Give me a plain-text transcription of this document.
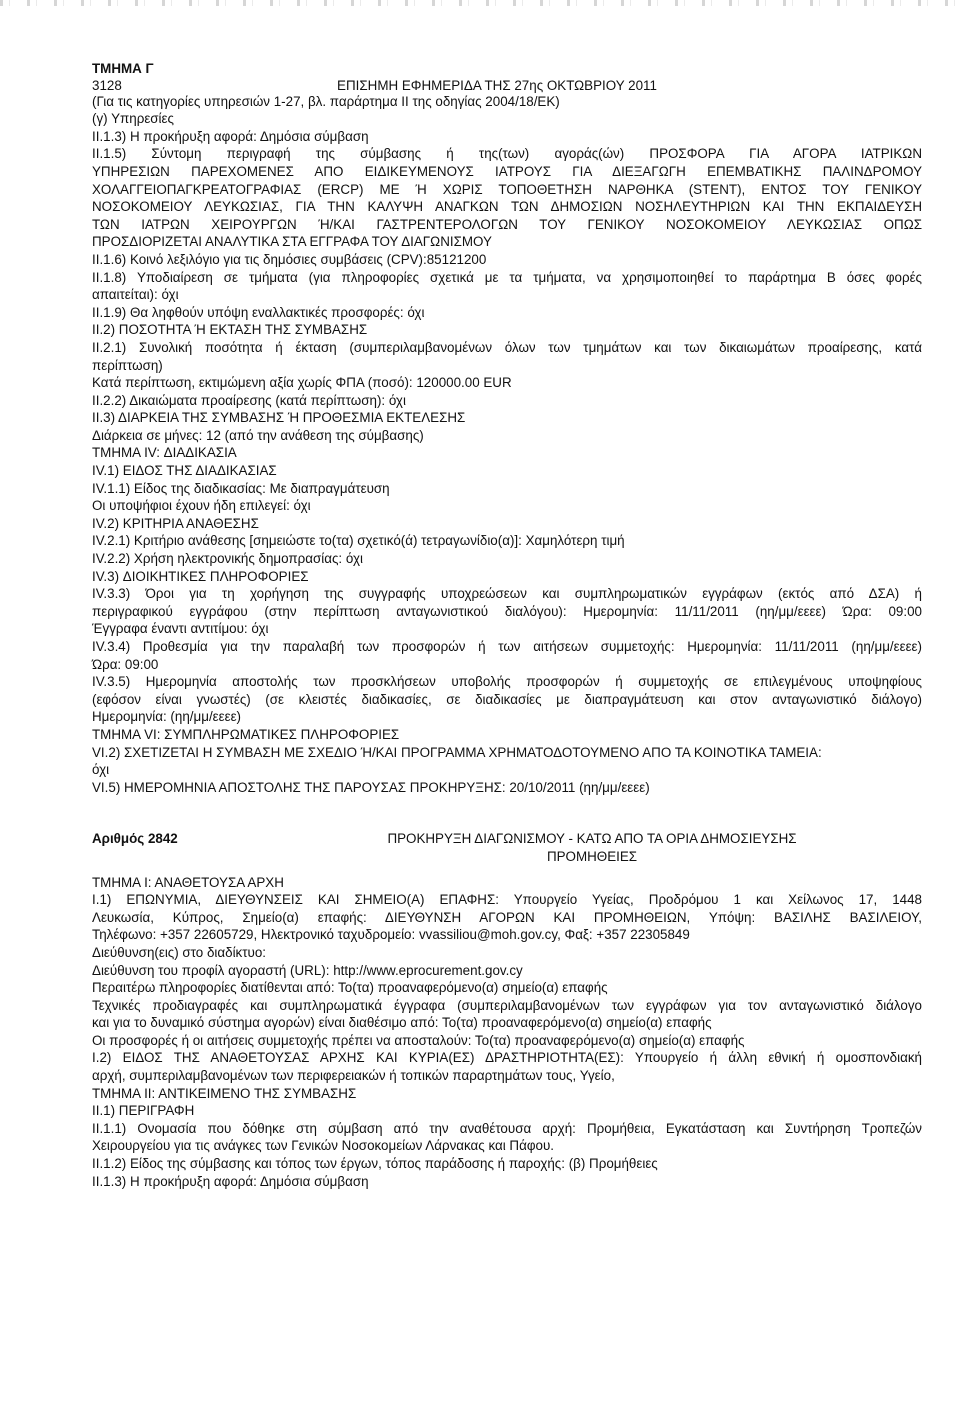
ΤΜΗΜΑ Γ
3128	ΕΠΙΣΗΜΗ ΕΦΗΜΕΡΙΔΑ ΤΗΣ 27ης ΟΚΤΩΒΡΙΟΥ 2011
(Για τις κατηγορίες υπηρεσιών 1-27, βλ. παράρτημα ΙΙ της οδηγίας 2004/18/ΕΚ)
(γ) Υπηρεσίες
ΙΙ.1.3) Η προκήρυξη αφορά: Δημόσια σύμβαση
ΙΙ.1.5) Σύντομη περιγραφή της σύμβασης ή της(των) αγοράς(ών) ΠΡΟΣΦΟΡΑ ΓΙΑ ΑΓΟΡΑ ΙΑΤΡΙΚΩΝ
ΥΠΗΡΕΣΙΩΝ ΠΑΡΕΧΟΜΕΝΕΣ ΑΠΟ ΕΙΔΙΚΕΥΜΕΝΟΥΣ ΙΑΤΡΟΥΣ ΓΙΑ ΔΙΕΞΑΓΩΓΗ ΕΠΕΜΒΑΤΙΚΗΣ ΠΑΛΙΝΔΡΟΜΟΥ
ΧΟΛΑΓΓΕΙΟΠΑΓΚΡΕΑΤΟΓΡΑΦΙΑΣ (ERCP) ΜΕ Ή ΧΩΡΙΣ ΤΟΠΟΘΕΤΗΣΗ ΝΑΡΘΗΚΑ (STENT), ΕΝΤΟΣ ΤΟΥ ΓΕΝΙΚΟΥ
ΝΟΣΟΚΟΜΕΙΟΥ ΛΕΥΚΩΣΙΑΣ, ΓΙΑ ΤΗΝ ΚΑΛΥΨΗ ΑΝΑΓΚΩΝ ΤΩΝ ΔΗΜΟΣΙΩΝ ΝΟΣΗΛΕΥΤΗΡΙΩΝ ΚΑΙ ΤΗΝ ΕΚΠΑΙΔΕΥΣΗ
ΤΩΝ ΙΑΤΡΩΝ ΧΕΙΡΟΥΡΓΩΝ Ή/ΚΑΙ ΓΑΣΤΡΕΝΤΕΡΟΛΟΓΩΝ ΤΟΥ ΓΕΝΙΚΟΥ ΝΟΣΟΚΟΜΕΙΟΥ ΛΕΥΚΩΣΙΑΣ ΟΠΩΣ
ΠΡΟΣΔΙΟΡΙΖΕΤΑΙ ΑΝΑΛΥΤΙΚΑ ΣΤΑ ΕΓΓΡΑΦΑ ΤΟΥ ΔΙΑΓΩΝΙΣΜΟΥ
ΙΙ.1.6) Κοινό λεξιλόγιο για τις δημόσιες συμβάσεις (CPV):85121200
ΙΙ.1.8) Υποδιαίρεση σε τμήματα (για πληροφορίες σχετικά με τα τμήματα, να χρησιμοποιηθεί το παράρτημα Β όσες φορές
απαιτείται): όχι
ΙΙ.1.9) Θα ληφθούν υπόψη εναλλακτικές προσφορές: όχι
ΙΙ.2) ΠΟΣΟΤΗΤΑ Ή ΕΚΤΑΣΗ ΤΗΣ ΣΥΜΒΑΣΗΣ
ΙΙ.2.1) Συνολική ποσότητα ή έκταση (συμπεριλαμβανομένων όλων των τμημάτων και των δικαιωμάτων προαίρεσης, κατά
περίπτωση)
Κατά περίπτωση, εκτιμώμενη αξία χωρίς ΦΠΑ (ποσό): 120000.00 EUR
ΙΙ.2.2) Δικαιώματα προαίρεσης (κατά περίπτωση): όχι
ΙΙ.3) ΔΙΑΡΚΕΙΑ ΤΗΣ ΣΥΜΒΑΣΗΣ Ή ΠΡΟΘΕΣΜΙΑ ΕΚΤΕΛΕΣΗΣ
Διάρκεια σε μήνες: 12 (από την ανάθεση της σύμβασης)
ΤΜΗΜΑ IV: ΔΙΑΔΙΚΑΣΙΑ
IV.1) ΕΙΔΟΣ ΤΗΣ ΔΙΑΔΙΚΑΣΙΑΣ
IV.1.1) Είδος της διαδικασίας: Με διαπραγμάτευση
Οι υποψήφιοι έχουν ήδη επιλεγεί: όχι
IV.2) ΚΡΙΤΗΡΙΑ ΑΝΑΘΕΣΗΣ
IV.2.1) Κριτήριο ανάθεσης [σημειώστε το(τα) σχετικό(ά) τετραγωνίδιο(α)]: Χαμηλότερη τιμή
IV.2.2) Χρήση ηλεκτρονικής δημοπρασίας: όχι
IV.3) ΔΙΟΙΚΗΤΙΚΕΣ ΠΛΗΡΟΦΟΡΙΕΣ
IV.3.3) Όροι για τη χορήγηση της συγγραφής υποχρεώσεων και συμπληρωματικών εγγράφων (εκτός από ΔΣΑ) ή
περιγραφικού εγγράφου (στην περίπτωση ανταγωνιστικού διαλόγου): Ημερομηνία: 11/11/2011 (ηη/μμ/εεεε) Ώρα: 09:00
Έγγραφα έναντι αντιτίμου: όχι
IV.3.4) Προθεσμία για την παραλαβή των προσφορών ή των αιτήσεων συμμετοχής: Ημερομηνία: 11/11/2011 (ηη/μμ/εεεε)
Ώρα: 09:00
IV.3.5) Ημερομηνία αποστολής των προσκλήσεων υποβολής προσφορών ή συμμετοχής σε επιλεγμένους υποψηφίους
(εφόσον είναι γνωστές) (σε κλειστές διαδικασίες, σε διαδικασίες με διαπραγμάτευση και στον ανταγωνιστικό διάλογο)
Ημερομηνία: (ηη/μμ/εεεε)
ΤΜΗΜΑ VI: ΣΥΜΠΛΗΡΩΜΑΤΙΚΕΣ ΠΛΗΡΟΦΟΡΙΕΣ
VI.2) ΣΧΕΤΙΖΕΤΑΙ Η ΣΥΜΒΑΣΗ ΜΕ ΣΧΕΔΙΟ Ή/ΚΑΙ ΠΡΟΓΡΑΜΜΑ ΧΡΗΜΑΤΟΔΟΤΟΥΜΕΝΟ ΑΠΟ ΤΑ ΚΟΙΝΟΤΙΚΑ ΤΑΜΕΙΑ:
όχι
VI.5) ΗΜΕΡΟΜΗΝΙΑ ΑΠΟΣΤΟΛΗΣ ΤΗΣ ΠΑΡΟΥΣΑΣ ΠΡΟΚΗΡΥΞΗΣ: 20/10/2011 (ηη/μμ/εεεε)
Αριθμός 2842	ΠΡΟΚΗΡΥΞΗ ΔΙΑΓΩΝΙΣΜΟΥ - ΚΑΤΩ ΑΠΟ ΤΑ ΟΡΙΑ ΔΗΜΟΣΙΕΥΣΗΣ
ΠΡΟΜΗΘΕΙΕΣ
ΤΜΗΜΑ Ι: ΑΝΑΘΕΤΟΥΣΑ ΑΡΧΗ
Ι.1) ΕΠΩΝΥΜΙΑ, ΔΙΕΥΘΥΝΣΕΙΣ ΚΑΙ ΣΗΜΕΙΟ(Α) ΕΠΑΦΗΣ: Υπουργείο Υγείας, Προδρόμου 1 και Χείλωνος 17, 1448
Λευκωσία, Κύπρος, Σημείο(α) επαφής: ΔΙΕΥΘΥΝΣΗ ΑΓΟΡΩΝ ΚΑΙ ΠΡΟΜΗΘΕΙΩΝ, Υπόψη: ΒΑΣΙΛΗΣ ΒΑΣΙΛΕΙΟΥ,
Τηλέφωνο: +357 22605729, Ηλεκτρονικό ταχυδρομείο: vvassiliou@moh.gov.cy, Φαξ: +357 22305849
Διεύθυνση(εις) στο διαδίκτυο:
Διεύθυνση του προφίλ αγοραστή (URL): http://www.eprocurement.gov.cy
Περαιτέρω πληροφορίες διατίθενται από: Το(τα) προαναφερόμενο(α) σημείο(α) επαφής
Τεχνικές προδιαγραφές και συμπληρωματικά έγγραφα (συμπεριλαμβανομένων των εγγράφων για τον ανταγωνιστικό διάλογο
και για το δυναμικό σύστημα αγορών) είναι διαθέσιμο από: Το(τα) προαναφερόμενο(α) σημείο(α) επαφής
Οι προσφορές ή οι αιτήσεις συμμετοχής πρέπει να αποσταλούν: Το(τα) προαναφερόμενο(α) σημείο(α) επαφής
Ι.2) ΕΙΔΟΣ ΤΗΣ ΑΝΑΘΕΤΟΥΣΑΣ ΑΡΧΗΣ ΚΑΙ ΚΥΡΙΑ(ΕΣ) ΔΡΑΣΤΗΡΙΟΤΗΤΑ(ΕΣ): Υπουργείο ή άλλη εθνική ή ομοσπονδιακή
αρχή, συμπεριλαμβανομένων των περιφερειακών ή τοπικών παραρτημάτων τους, Υγείο,
ΤΜΗΜΑ ΙΙ: ΑΝΤΙΚΕΙΜΕΝΟ ΤΗΣ ΣΥΜΒΑΣΗΣ
ΙΙ.1) ΠΕΡΙΓΡΑΦΗ
ΙΙ.1.1) Ονομασία που δόθηκε στη σύμβαση από την αναθέτουσα αρχή: Προμήθεια, Εγκατάσταση και Συντήρηση Τροπεζών
Χειρουργείου για τις ανάγκες των Γενικών Νοσοκομείων Λάρνακας και Πάφου.
ΙΙ.1.2) Είδος της σύμβασης και τόπος των έργων, τόπος παράδοσης ή παροχής: (β) Προμήθειες
ΙΙ.1.3) Η προκήρυξη αφορά: Δημόσια σύμβαση
